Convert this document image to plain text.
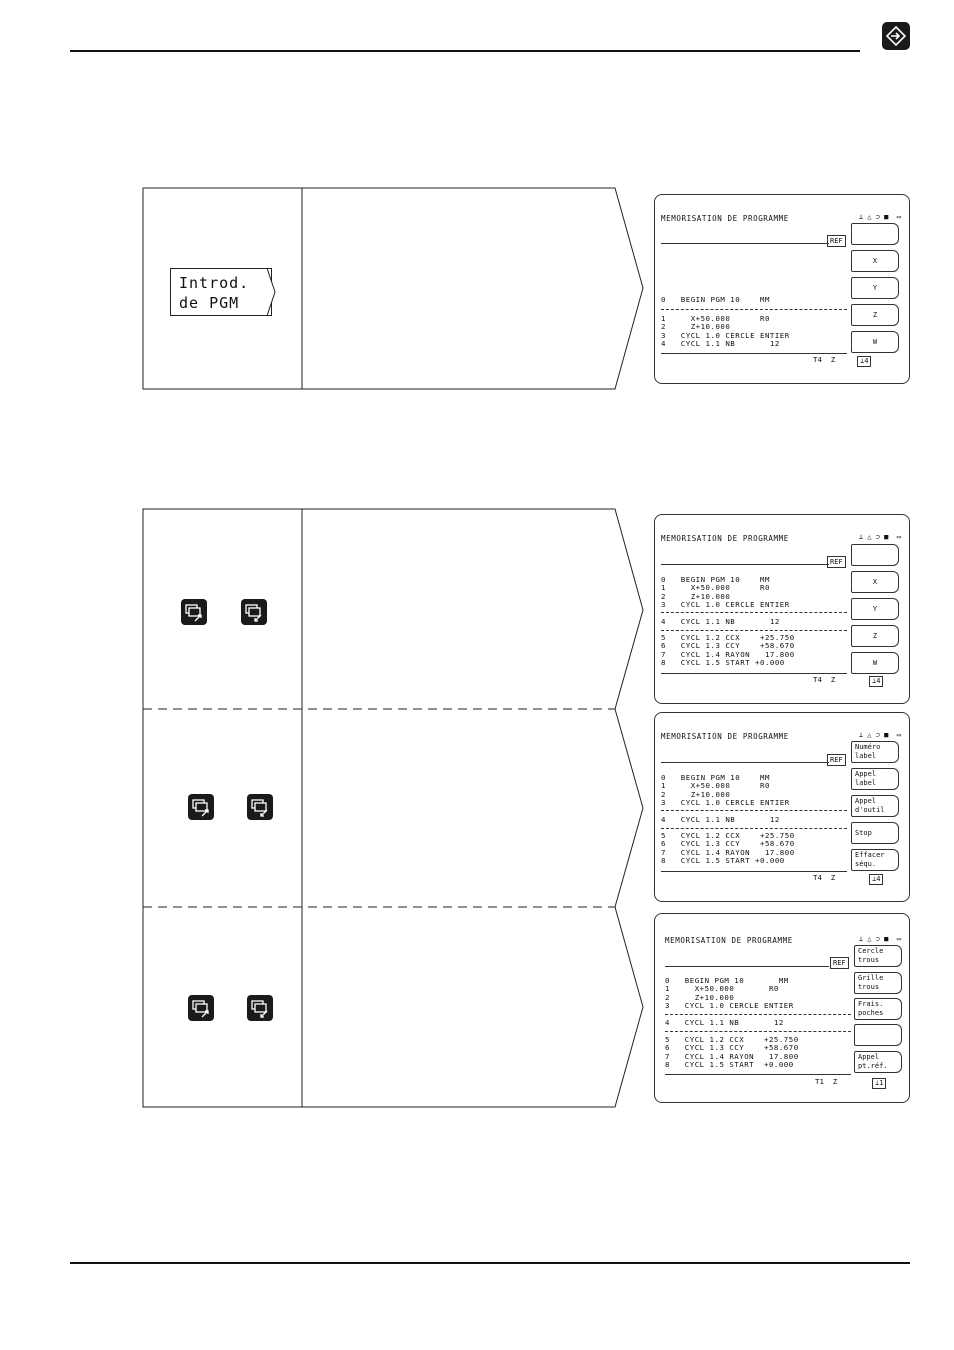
Introd.
de PGM
MEMORISATION DE PROGRAMME	⊥ △ ⊃ ■  ▭
REF
0   BEGIN PGM 10    MM
1     X+50.000      R0
2     Z+10.000
3   CYCL 1.0 CERCLE ENTIER
4   CYCL 1.1 NB       12
T4  Z	⊥4
X
Y
Z
W
MEMORISATION DE PROGRAMME	⊥ △ ⊃ ■  ▭
REF
0   BEGIN PGM 10    MM
1     X+50.000      R0
2     Z+10.000
3   CYCL 1.0 CERCLE ENTIER
4   CYCL 1.1 NB       12
5   CYCL 1.2 CCX    +25.750
6   CYCL 1.3 CCY    +58.670
7   CYCL 1.4 RAYON   17.800
8   CYCL 1.5 START +0.000
T4  Z	⊥4
X
Y
Z
W
MEMORISATION DE PROGRAMME	⊥ △ ⊃ ■  ▭
REF
0   BEGIN PGM 10    MM
1     X+50.000      R0
2     Z+10.000
3   CYCL 1.0 CERCLE ENTIER
4   CYCL 1.1 NB       12
5   CYCL 1.2 CCX    +25.750
6   CYCL 1.3 CCY    +58.670
7   CYCL 1.4 RAYON   17.800
8   CYCL 1.5 START +0.000
T4  Z	⊥4
Numéro
label
Appel
label
Appel
d'outil
Stop
Effacer
séqu.
MEMORISATION DE PROGRAMME	⊥ △ ⊃ ■  ▭
REF
0   BEGIN PGM 10       MM
1     X+50.000       R0
2     Z+10.000
3   CYCL 1.0 CERCLE ENTIER
4   CYCL 1.1 NB       12
5   CYCL 1.2 CCX    +25.750
6   CYCL 1.3 CCY    +58.670
7   CYCL 1.4 RAYON   17.800
8   CYCL 1.5 START  +0.000
T1  Z	⊥1
Cercle
trous
Grille
trous
Frais.
poches
Appel
pt.réf.
